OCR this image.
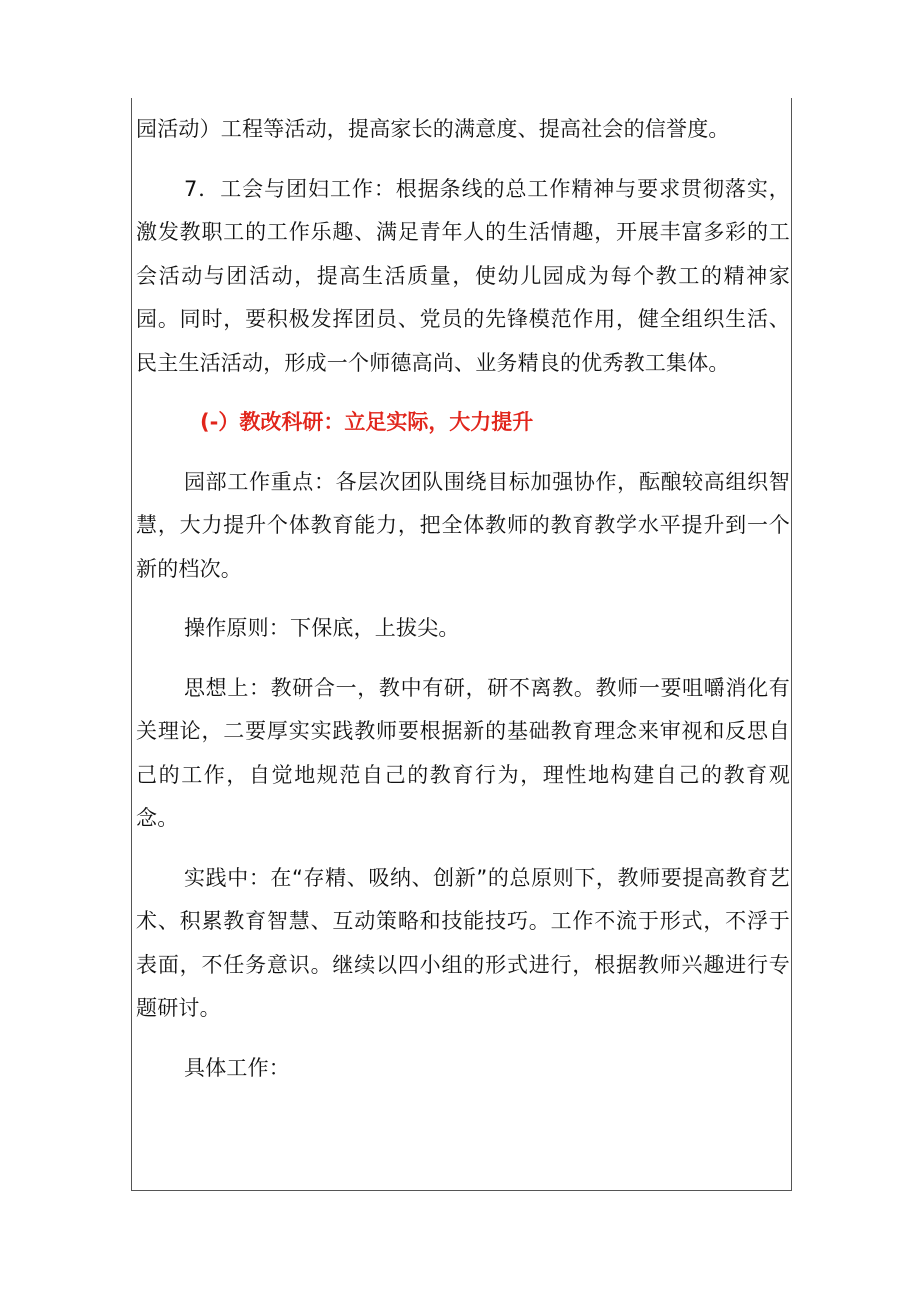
园活动）工程等活动，提高家长的满意度、提高社会的信誉度。

7．工会与团妇工作：根据条线的总工作精神与要求贯彻落实，激发教职工的工作乐趣、满足青年人的生活情趣，开展丰富多彩的工会活动与团活动，提高生活质量，使幼儿园成为每个教工的精神家园。同时，要积极发挥团员、党员的先锋模范作用，健全组织生活、民主生活活动，形成一个师德高尚、业务精良的优秀教工集体。

(-）教改科研：立足实际，大力提升

园部工作重点：各层次团队围绕目标加强协作，酝酿较高组织智慧，大力提升个体教育能力，把全体教师的教育教学水平提升到一个新的档次。

操作原则：下保底，上拔尖。

思想上：教研合一，教中有研，研不离教。教师一要咀嚼消化有关理论，二要厚实实践教师要根据新的基础教育理念来审视和反思自己的工作，自觉地规范自己的教育行为，理性地构建自己的教育观念。

实践中：在“存精、吸纳、创新”的总原则下，教师要提高教育艺术、积累教育智慧、互动策略和技能技巧。工作不流于形式，不浮于表面，不任务意识。继续以四小组的形式进行，根据教师兴趣进行专题研讨。

具体工作：
